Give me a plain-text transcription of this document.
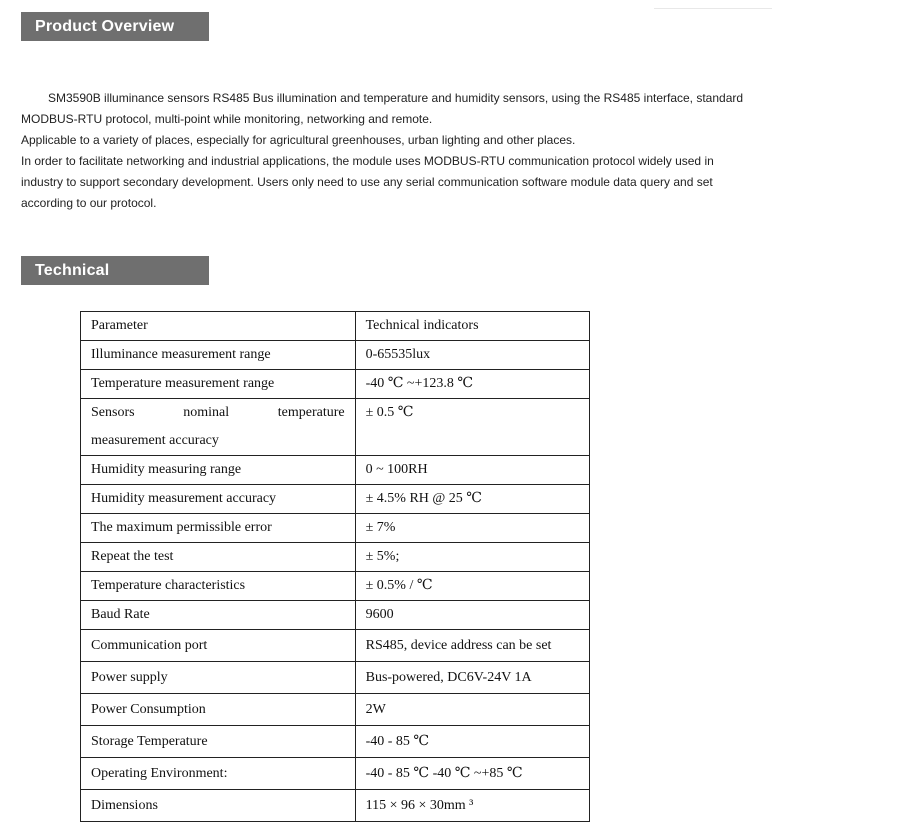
Product Overview

SM3590B illuminance sensors RS485 Bus illumination and temperature and humidity sensors, using the RS485 interface, standard

MODBUS-RTU protocol, multi-point while monitoring, networking and remote.

Applicable to a variety of places, especially for agricultural greenhouses, urban lighting and other places.

In order to facilitate networking and industrial applications, the module uses MODBUS-RTU communication protocol widely used in

industry to support secondary development. Users only need to use any serial communication software module data query and set

according to our protocol.

Technical Parameters
Parameter	Technical indicators
Illuminance measurement range	0-65535lux
Temperature measurement range	-40 ℃ ~+123.8 ℃

Sensors nominal temperature
measurement accuracy	± 0.5 ℃
Humidity measuring range	0 ~ 100RH
Humidity measurement accuracy	± 4.5% RH @ 25 ℃
The maximum permissible error	± 7%
Repeat the test	± 5%;
Temperature characteristics	± 0.5% / ℃
Baud Rate	9600
Communication port	RS485, device address can be set
Power supply	Bus-powered, DC6V-24V 1A
Power Consumption	2W
Storage Temperature	-40 - 85 ℃
Operating Environment:	-40 - 85 ℃ -40 ℃ ~+85 ℃
Dimensions	115 × 96 × 30mm ³
